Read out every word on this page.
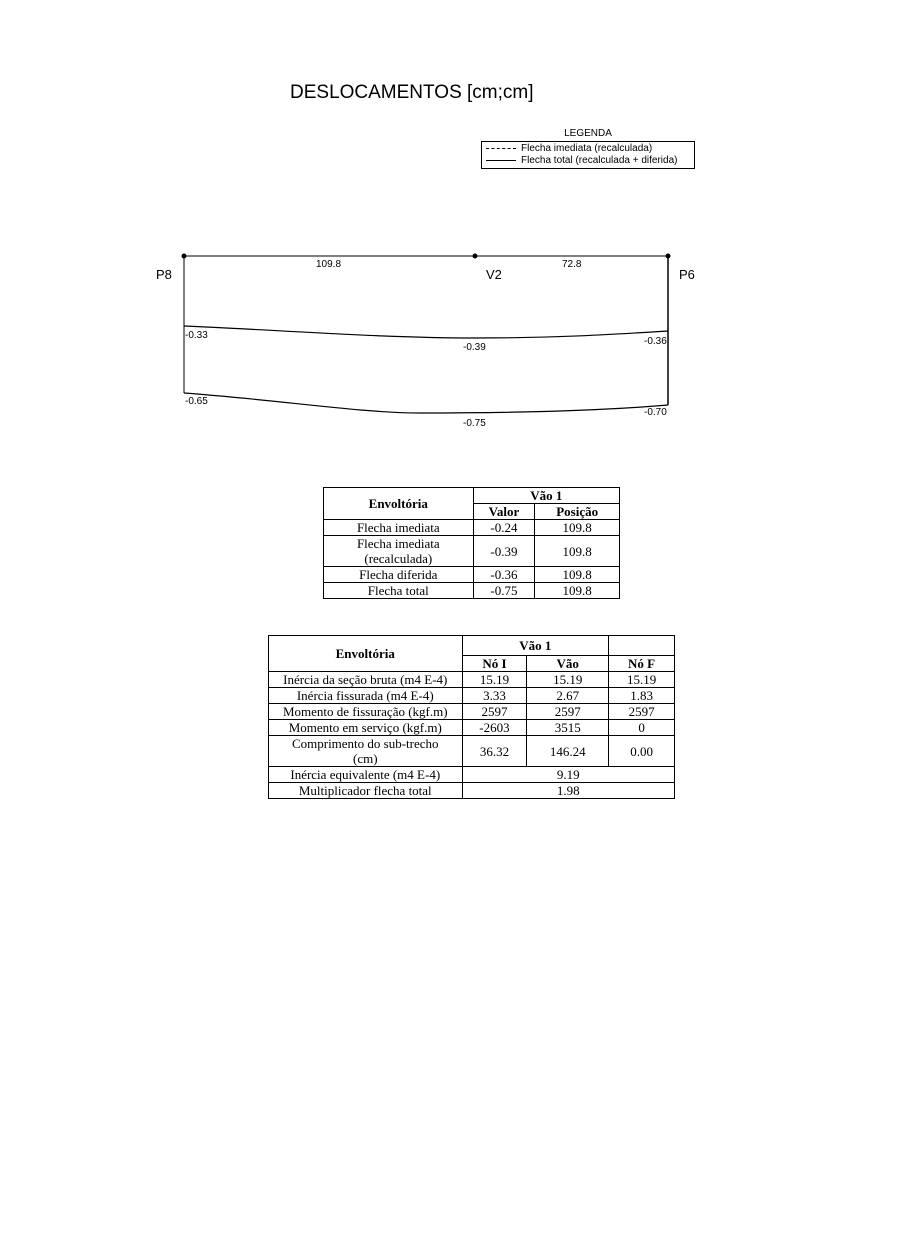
DESLOCAMENTOS [cm;cm]
LEGENDA
Flecha imediata (recalculada)
Flecha total (recalculada + diferida)
P8	P6
V2
109.8	72.8
-0.33
-0.39
-0.36
-0.65
-0.75
-0.70
Envoltória	Vão 1	
	Valor	Posição
Flecha imediata	-0.24	109.8
Flecha imediata (recalculada)	-0.39	109.8
Flecha diferida	-0.36	109.8
Flecha total	-0.75	109.8
Envoltória	Vão 1		
	Nó I	Vão	Nó F
Inércia da seção bruta (m4 E-4)	15.19	15.19	15.19
Inércia fissurada (m4 E-4)	3.33	2.67	1.83
Momento de fissuração (kgf.m)	2597	2597	2597
Momento em serviço (kgf.m)	-2603	3515	0
Comprimento do sub-trecho (cm)	36.32	146.24	0.00
Inércia equivalente (m4 E-4)	9.19		
Multiplicador flecha total	1.98		
